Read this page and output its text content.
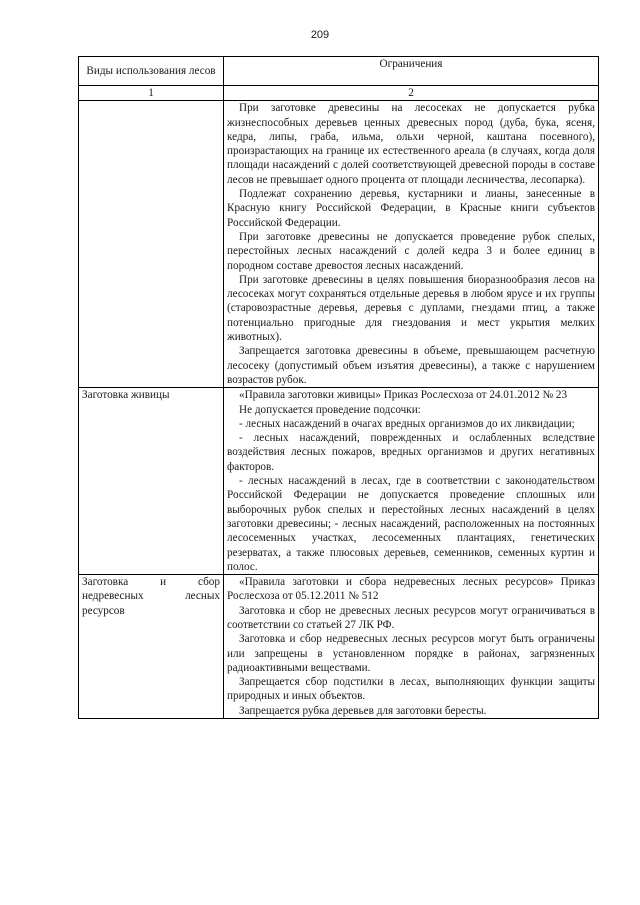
209
Виды использования лесов	Ограничения
1	2

	При заготовке древесины на лесосеках не допускается рубка жизнеспособных деревьев ценных древесных пород (дуба, бука, ясеня, кедра, липы, граба, ильма, ольхи черной, каштана посевного), произрастающих на границе их естественного ареала (в случаях, когда доля площади насаждений с долей соответствующей древесной породы в составе лесов не превышает одного процента от площади лесничества, лесопарка).

Подлежат сохранению деревья, кустарники и лианы, занесенные в Красную книгу Российской Федерации, в Красные книги субъектов Российской Федерации.

При заготовке древесины не допускается проведение рубок спелых, перестойных лесных насаждений с долей кедра 3 и более единиц в породном составе древостоя лесных насаждений.

При заготовке древесины в целях повышения биоразнообразия лесов на лесосеках могут сохраняться отдельные деревья в любом ярусе и их группы (старовозрастные деревья, деревья с дуплами, гнездами птиц, а также потенциально пригодные для гнездования и мест укрытия мелких животных).

Запрещается заготовка древесины в объеме, превышающем расчетную лесосеку (допустимый объем изъятия древесины), а также с нарушением возрастов рубок.

Заготовка живицы	«Правила заготовки живицы» Приказ Рослесхоза от 24.01.2012 № 23

Не допускается проведение подсочки:

- лесных насаждений в очагах вредных организмов до их ликвидации;

- лесных насаждений, поврежденных и ослабленных вследствие воздействия лесных пожаров, вредных организмов и других негативных факторов.

- лесных насаждений в лесах, где в соответствии с законодательством Российской Федерации не допускается проведение сплошных или выборочных рубок спелых и перестойных лесных насаждений в целях заготовки древесины; - лесных насаждений, расположенных на постоянных лесосеменных участках, лесосеменных плантациях, генетических резерватах, а также плюсовых деревьев, семенников, семенных куртин и полос.

Заготовка и сбор недревесных лесных ресурсов	«Правила заготовки и сбора недревесных лесных ресурсов» Приказ Рослесхоза от 05.12.2011 № 512

Заготовка и сбор не древесных лесных ресурсов могут ограничиваться в соответствии со статьей 27 ЛК РФ.

Заготовка и сбор недревесных лесных ресурсов могут быть ограничены или запрещены в установленном порядке в районах, загрязненных радиоактивными веществами.

Запрещается сбор подстилки в лесах, выполняющих функции защиты природных и иных объектов.

Запрещается рубка деревьев для заготовки бересты.
